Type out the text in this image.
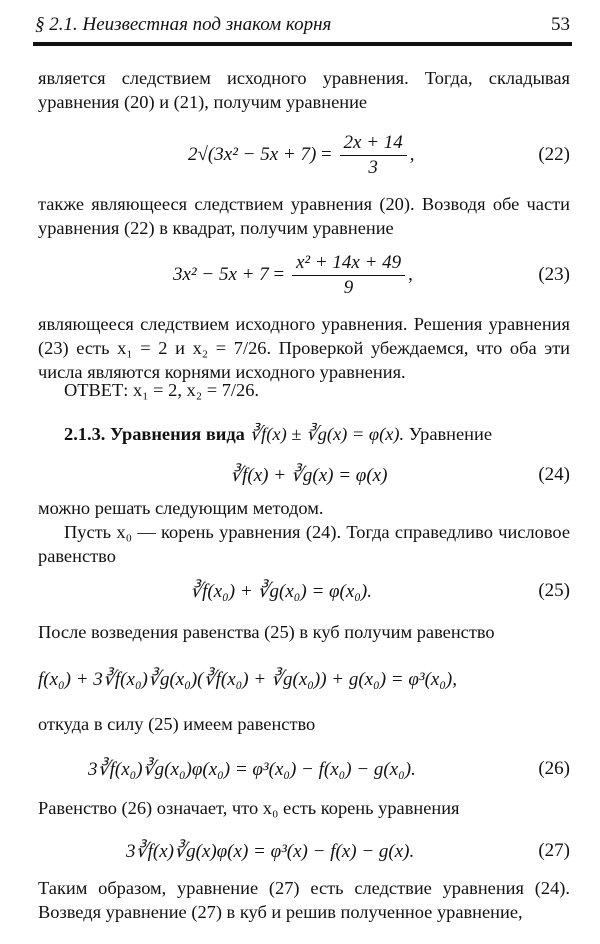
§ 2.1. Неизвестная под знаком корня	53
является следствием исходного уравнения. Тогда, складывая уравнения (20) и (21), получим уравнение
$2√(3x^2 - 5x + 7) = \frac{2x + 14}{3}$ ,	(22)
также являющееся следствием уравнения (20). Возводя обе части уравнения (22) в квадрат, получим уравнение
$3x^2 - 5x + 7 = \frac{\text{x² + 14x + 49}}{9}$ ,	(23)
являющееся следствием исходного уравнения. Решения уравнения (23) есть x₁ = 2 и x₂ = 7/26. Проверкой убеждаемся, что оба эти числа являются корнями исходного уравнения.
ОТВЕТ: x₁ = 2, x₂ = 7/26.
2.1.3. Уравнения вида ∛f(x) ± ∛g(x) = φ(x). Уравнение
∛f(x) + ∛g(x) = φ(x)	(24)
можно решать следующим методом.
Пусть x₀ — корень уравнения (24). Тогда справедливо числовое равенство
∛f(x₀) + ∛g(x₀) = φ(x₀).	(25)
После возведения равенства (25) в куб получим равенство
f(x₀) + 3∛f(x₀)∛g(x₀)(∛f(x₀) + ∛g(x₀)) + g(x₀) = φ³(x₀),
откуда в силу (25) имеем равенство
3∛f(x₀)∛g(x₀)φ(x₀) = φ³(x₀) − f(x₀) − g(x₀).	(26)
Равенство (26) означает, что x₀ есть корень уравнения
3∛f(x)∛g(x)φ(x) = φ³(x) − f(x) − g(x).	(27)
Таким образом, уравнение (27) есть следствие уравнения (24). Возведя уравнение (27) в куб и решив полученное уравнение,
